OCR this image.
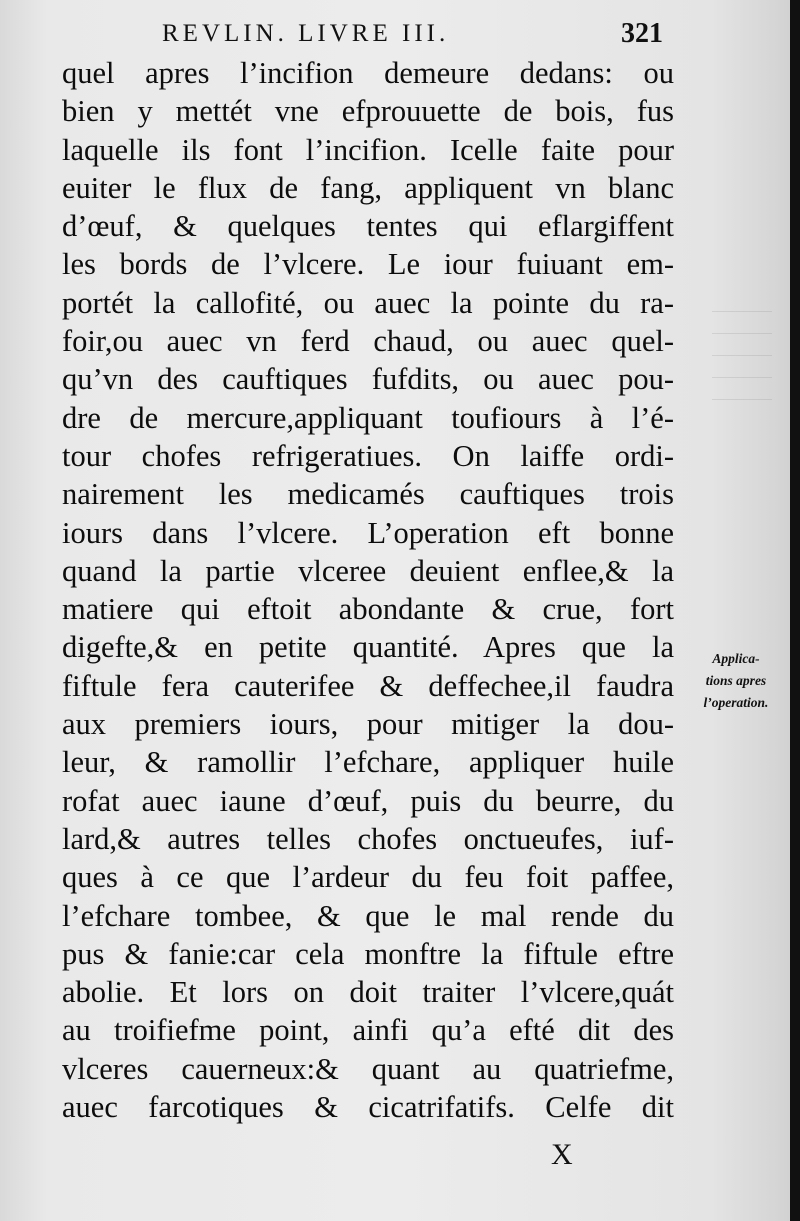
REVLIN. LIVRE III.	321
quel apres l’incifion demeure dedans: ou
bien y mettét vne efprouuette de bois, fus
laquelle ils font l’incifion. Icelle faite pour
euiter le flux de fang, appliquent vn blanc
d’œuf, & quelques tentes qui eflargiffent
les bords de l’vlcere. Le iour fuiuant em-
portét la callofité, ou auec la pointe du ra-
foir,ou auec vn ferd chaud, ou auec quel-
qu’vn des cauftiques fufdits, ou auec pou-
dre de mercure,appliquant toufiours à l’é-
tour chofes refrigeratiues. On laiffe ordi-
nairement les medicamés cauftiques trois
iours dans l’vlcere. L’operation eft bonne
quand la partie vlceree deuient enflee,& la
matiere qui eftoit abondante & crue, fort
digefte,& en petite quantité. Apres que la
fiftule fera cauterifee & deffechee,il faudra
aux premiers iours, pour mitiger la dou-
leur, & ramollir l’efchare, appliquer huile
rofat auec iaune d’œuf, puis du beurre, du
lard,& autres telles chofes onctueufes, iuf-
ques à ce que l’ardeur du feu foit paffee,
l’efchare tombee, & que le mal rende du
pus & fanie:car cela monftre la fiftule eftre
abolie. Et lors on doit traiter l’vlcere,quát
au troifiefme point, ainfi qu’a efté dit des
vlceres cauerneux:& quant au quatriefme,
auec farcotiques & cicatrifatifs. Celfe dit
Applica-
tions apres
l’operation.
X
